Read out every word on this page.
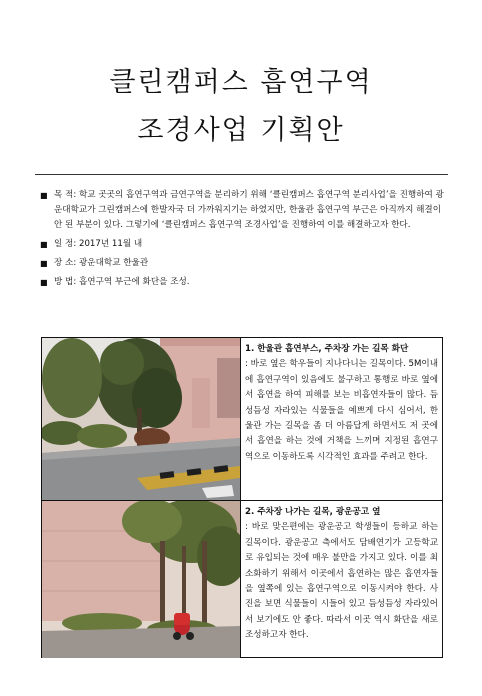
클린캠퍼스 흡연구역
조경사업 기획안
■ 목 적: 학교 곳곳의 흡연구역과 금연구역을 분리하기 위해 ‘클린캠퍼스 흡연구역 분리사업’을 진행하여 광운대학교가 그린캠퍼스에 한발자국 더 가까워지기는 하였지만, 한울관 흡연구역 부근은 아직까지 해결이 안 된 부분이 있다. 그렇기에 ‘클린캠퍼스 흡연구역 조경사업’을 진행하여 이를 해결하고자 한다.
■ 일 정: 2017년 11월 내
■ 장 소: 광운대학교 한울관
■ 방 법: 흡연구역 부근에 화단을 조성.
1. 한울관 흡연부스, 주차장 가는 길목 화단
: 바로 옆은 학우들이 지나다니는 길목이다. 5M이내에 흡연구역이 있음에도 불구하고 통행로 바로 옆에서 흡연을 하여 피해를 보는 비흡연자들이 많다. 듬성듬성 자라있는 식물들을 예쁘게 다시 심어서, 한울관 가는 길목을 좀 더 아름답게 하면서도 저 곳에서 흡연을 하는 것에 거책을 느끼며 지정된 흡연구역으로 이동하도록 시각적인 효과를 주려고 한다.
2. 주차장 나가는 길목, 광운공고 옆
: 바로 맞은편에는 광운공고 학생들이 등하교 하는 길목이다. 광운공고 측에서도 담배연기가 고등학교로 유입되는 것에 매우 불만을 가지고 있다. 이를 최소화하기 위해서 이곳에서 흡연하는 많은 흡연자들을 옆쪽에 있는 흡연구역으로 이동시켜야 한다. 사진을 보면 식물들이 시들어 있고 듬성듬성 자라있어서 보기에도 안 좋다. 따라서 이곳 역시 화단을 새로 조성하고자 한다.
